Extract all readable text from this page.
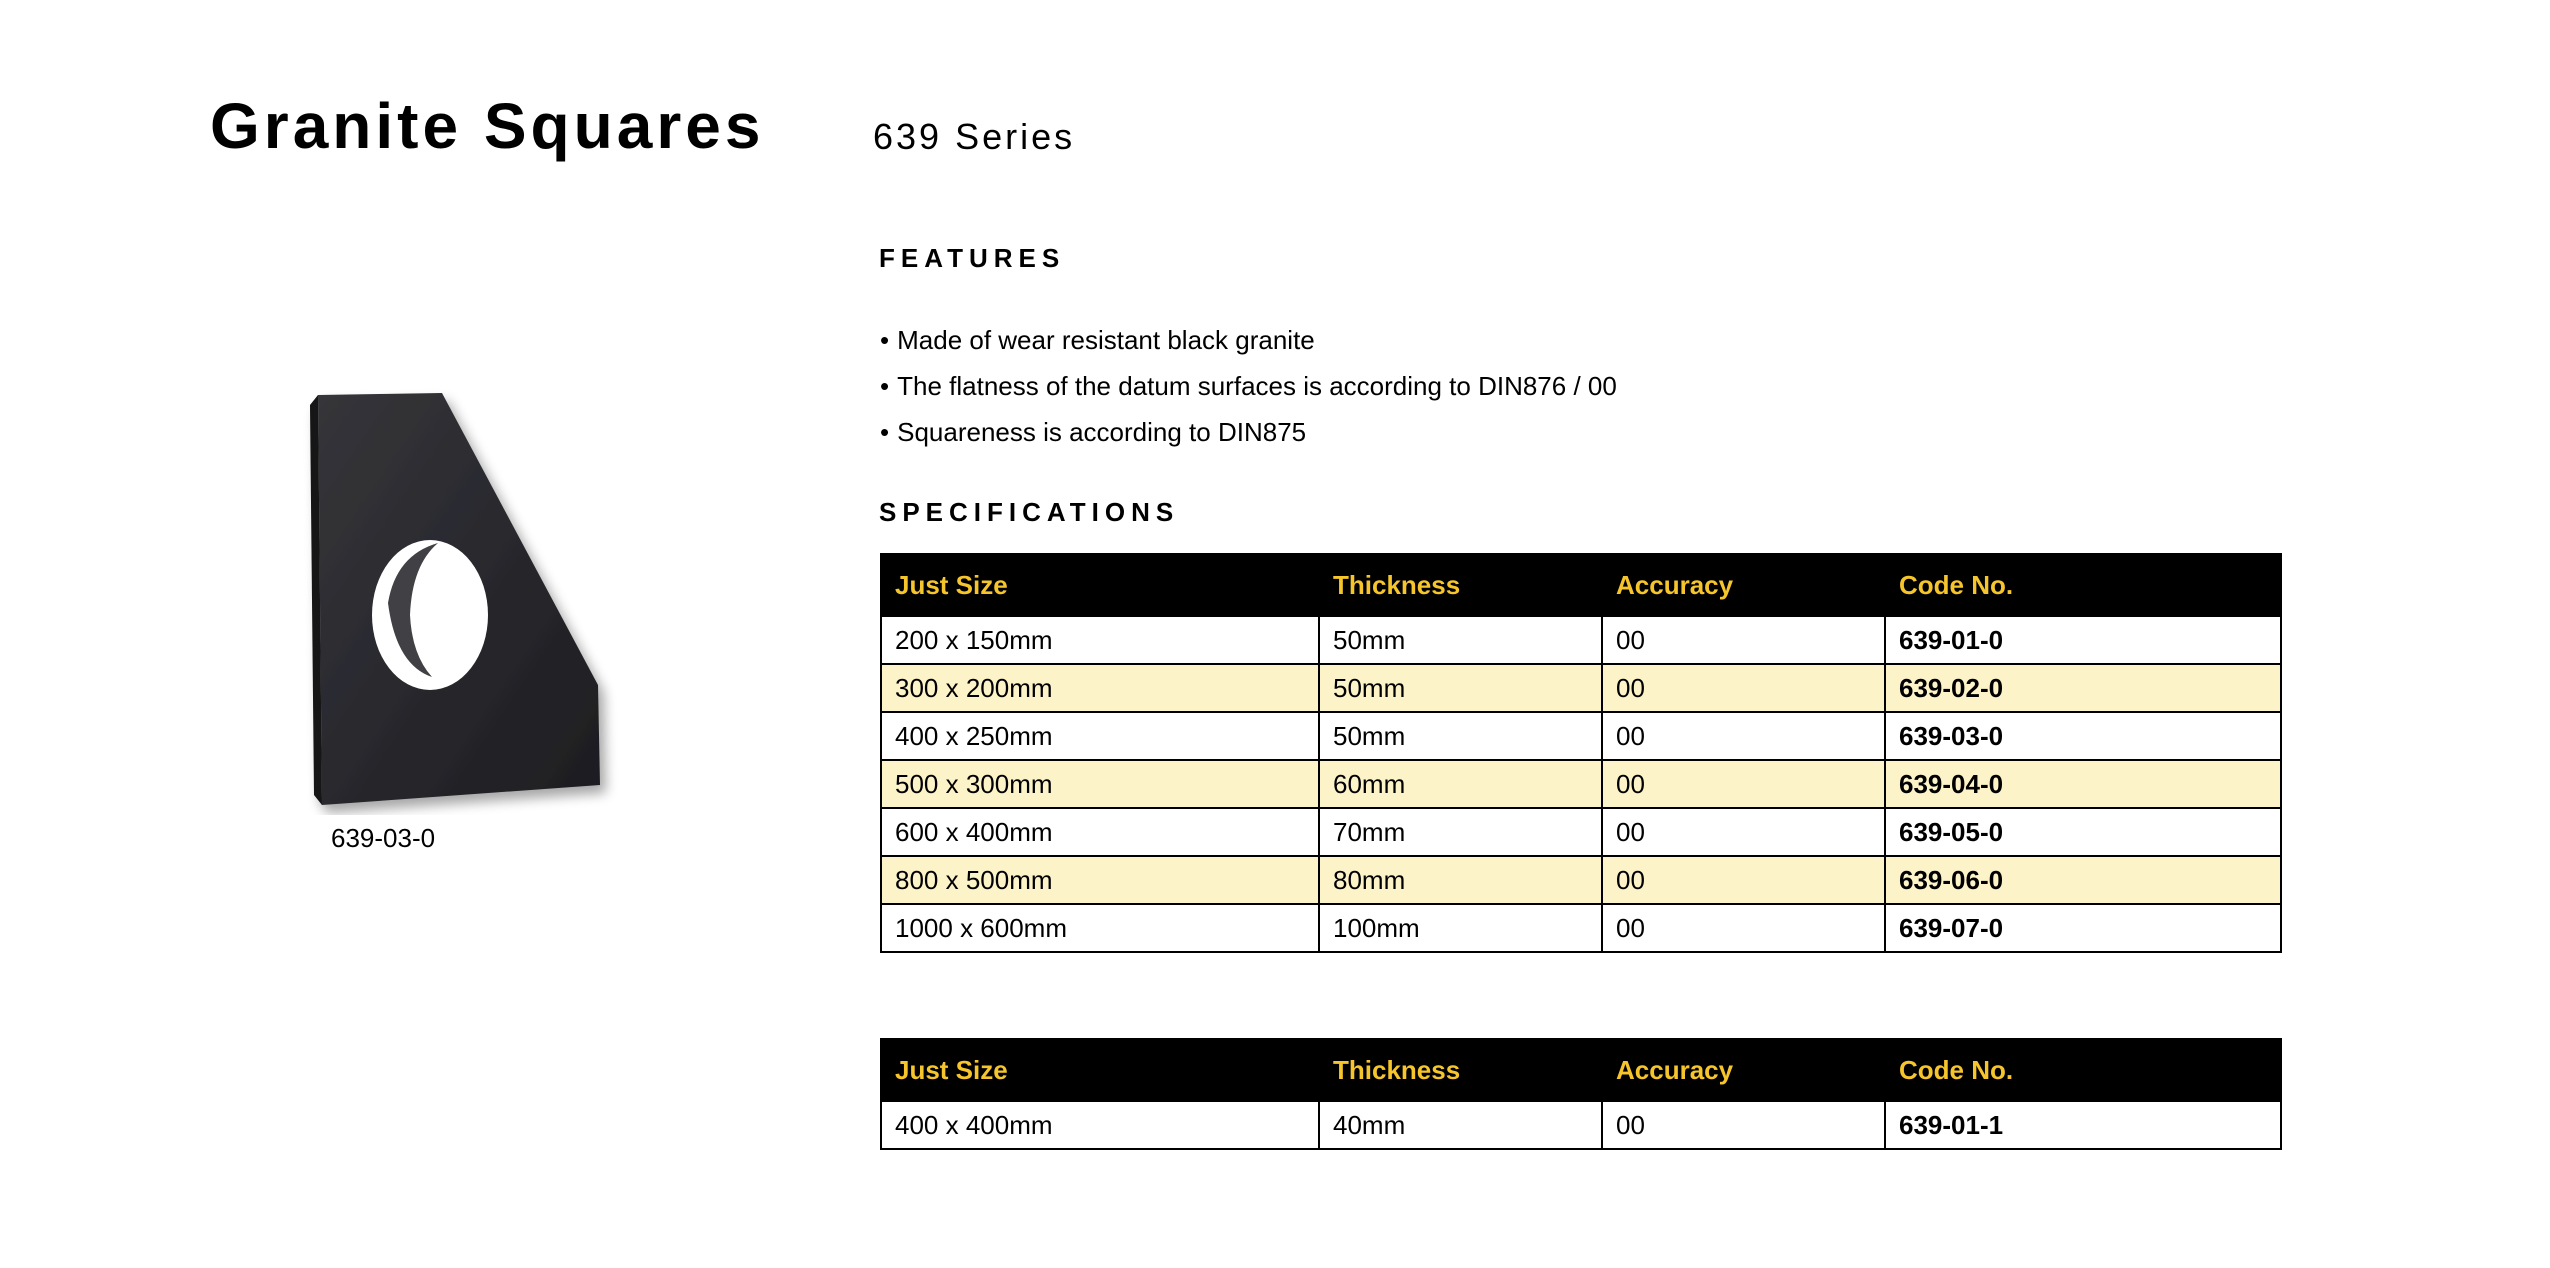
Granite Squares	639 Series
FEATURES
• Made of wear resistant black granite
• The flatness of the datum surfaces is according to DIN876 / 00
• Squareness is according to DIN875
639-03-0
SPECIFICATIONS
Just Size	Thickness	Accuracy	Code No.
200 x 150mm	50mm	00	639-01-0
300 x 200mm	50mm	00	639-02-0
400 x 250mm	50mm	00	639-03-0
500 x 300mm	60mm	00	639-04-0
600 x 400mm	70mm	00	639-05-0
800 x 500mm	80mm	00	639-06-0
1000 x 600mm	100mm	00	639-07-0
Just Size	Thickness	Accuracy	Code No.
400 x 400mm	40mm	00	639-01-1
